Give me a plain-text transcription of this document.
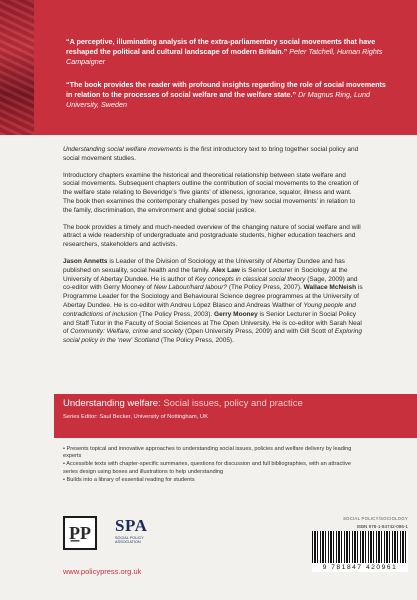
“A perceptive, illuminating analysis of the extra-parliamentary social movements that have reshaped the political and cultural landscape of modern Britain.” Peter Tatchell, Human Rights Campaigner
“The book provides the reader with profound insights regarding the role of social movements in relation to the processes of social welfare and the welfare state.” Dr Magnus Ring, Lund University, Sweden

Understanding social welfare movements is the first introductory text to bring together social policy and social movement studies.

Introductory chapters examine the historical and theoretical relationship between state welfare and social movements. Subsequent chapters outline the contribution of social movements to the creation of the welfare state relating to Beveridge’s ‘five giants’ of idleness, ignorance, squalor, illness and want. The book then examines the contemporary challenges posed by ‘new social movements’ in relation to the family, discrimination, the environment and global social justice.

The book provides a timely and much-needed overview of the changing nature of social welfare and will attract a wide readership of undergraduate and postgraduate students, higher education teachers and researchers, stakeholders and activists.

Jason Annetts is Leader of the Division of Sociology at the University of Abertay Dundee and has published on sexuality, social health and the family. Alex Law is Senior Lecturer in Sociology at the University of Abertay Dundee. He is author of Key concepts in classical social theory (Sage, 2009) and co-editor with Gerry Mooney of New Labour/hard labour? (The Policy Press, 2007). Wallace McNeish is Programme Leader for the Sociology and Behavioural Science degree programmes at the University of Abertay Dundee. He is co-editor with Andreu López Blasco and Andreas Walther of Young people and contradictions of inclusion (The Policy Press, 2003). Gerry Mooney is Senior Lecturer in Social Policy and Staff Tutor in the Faculty of Social Sciences at The Open University. He is co-editor with Sarah Neal of Community: Welfare, crime and society (Open University Press, 2009) and with Gill Scott of Exploring social policy in the ‘new’ Scotland (The Policy Press, 2005).

Understanding welfare: Social issues, policy and practice
Series Editor: Saul Becker, University of Nottingham, UK
• Presents topical and innovative approaches to understanding social issues, policies and welfare delivery by leading experts
• Accessible texts with chapter-specific summaries, questions for discussion and full bibliographies, with an attractive series design using boxes and illustrations to help understanding
• Builds into a library of essential reading for students
P̲P	SPA
SOCIAL POLICY ASSOCIATION
SOCIAL POLICY/SOCIOLOGY
ISBN 978-1-84742-096-1
9 781847 420961
www.policypress.org.uk
